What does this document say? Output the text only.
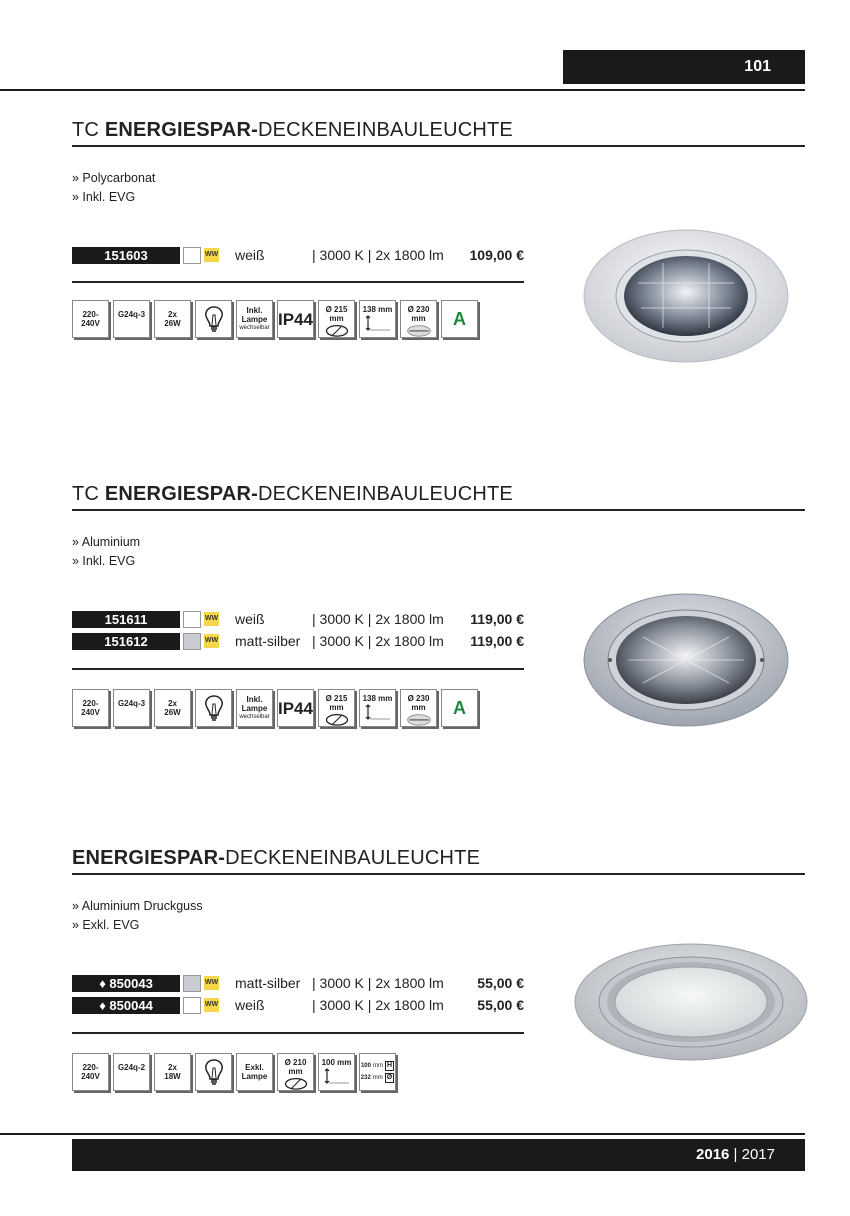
101
TC ENERGIESPAR-DECKENEINBAULEUCHTE
» Polycarbonat
» Inkl. EVG
151603	WW weiß	| 3000 K | 2x 1800 lm 109,00 €
220-
240V
G24q-3	2x
26W
Inkl.
Lampe
wechselbar IP44	Ø 215 mm
138 mm	Ø 230 mm	A
TC ENERGIESPAR-DECKENEINBAULEUCHTE
» Aluminium
» Inkl. EVG
151611	WW weiß	| 3000 K | 2x 1800 lm 119,00 €
151612	WW matt-silber | 3000 K | 2x 1800 lm 119,00 €
220-
240V
G24q-3	2x
26W
Inkl.
Lampe
wechselbar IP44	Ø 215 mm
138 mm	Ø 230 mm	A
ENERGIESPAR-DECKENEINBAULEUCHTE
» Aluminium Druckguss
» Exkl. EVG
♦ 850043	WW matt-silber | 3000 K | 2x 1800 lm 55,00 €
♦ 850044	WW weiß	| 3000 K | 2x 1800 lm 55,00 €
220-
240V
G24q-2	2x
18W
Exkl.
Lampe
Ø 210 mm
100 mm 100 mm H
232 mm Ø
2016 | 2017
